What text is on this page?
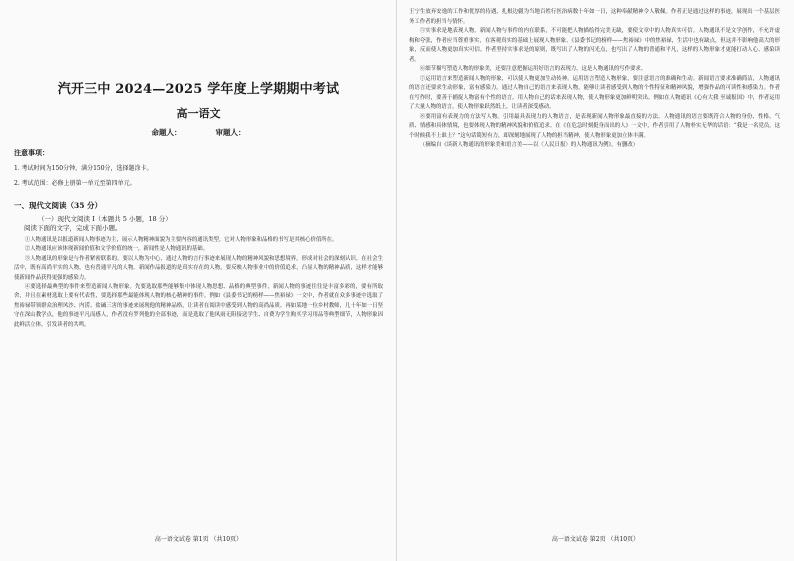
汽开三中 2024—2025 学年度上学期期中考试
高一语文
命题人：	审题人：
注意事项：
1. 考试时间为150分钟，满分150分，选择题涂卡。
2. 考试范围：必修上册第一单元至第四单元。
一、现代文阅读（35 分）
（一）现代文阅读 I（本题共 5 小题，18 分）
阅读下面的文字，完成下面小题。

①人物通讯是以报道新闻人物事迹为主，展示人物精神面貌为主要内容的通讯类型。它对人物形象和品格的书写是其核心价值所在。

②人物通讯应该体现新闻价值和文学价值的统一，新闻性是人物通讯的基础。

③人物通讯的形象是与作者紧密联系的，要以人物为中心，通过人物的言行事迹来展现人物的精神风貌和思想境界，形成对社会的深刻认识。在社会生活中，既有高尚平实的人物，也有普通平凡的人物。新闻作品报道的是真实存在的人物，要反映人物事业中的价值追求，凸显人物的精神品质，这样才能够使新闻作品获得更强的感染力。

④要选择最典型的事件来塑造新闻人物形象。先要选取那些能够集中体现人物思想、品格的典型事件，新闻人物的事迹往往是丰富多彩的，要有所取舍，并且在素材选取上要有代表性，要选择那些最能体现人物的核心精神的事件。例如《县委书记的榜样——焦裕禄》一文中，作者就在众多事迹中选取了焦裕禄带领群众治理风沙、内涝、盐碱三害的事迹来展现他的精神品格，让读者在阅读中感受到人物的高尚品质。再如某地一位乡村教师，几十年如一日坚守在深山教学点，他的事迹平凡而感人，作者没有罗列他的全部事迹，而是选取了他风雨无阻接送学生、自费为学生购买学习用品等典型细节，人物形象因此鲜活立体，引发读者的共鸣。

高一语文试卷 第1页 （共10页）

王宁生放弃安逸的工作和优厚的待遇，扎根边疆为当地百姓行医治病数十年如一日，这种奉献精神令人敬佩。作者正是通过这样的事迹，展现出一个基层医务工作者的担当与情怀。

⑤实事求是地表现人物。新闻人物与事件的内在联系，不可能把人物描绘得完美无缺，要使文章中的人物真实可信。人物通讯不是文学创作，不允许虚构和夸张，作者应当尊重事实，在客观真实的基础上展现人物形象。《县委书记的榜样——焦裕禄》中的焦裕禄，生活中也有缺点，但这并不影响他高大的形象，反而使人物更加真实可信。作者坚持实事求是的原则，既写出了人物的闪光点，也写出了人物的普通和平凡，这样的人物形象才更能打动人心、感染读者。

⑥细节描写塑造人物的形象美，还要注意把握运用好语言的表现力，这是人物通讯的写作要求。

⑦运用语言来塑造新闻人物的形象，可以使人物更加生动传神。运用语言塑造人物形象，要注意语言的准确和生动。新闻语言要求准确简洁，人物通讯的语言还要求生动形象，富有感染力。通过人物自己的语言来表现人物，能够让读者感受到人物的个性特征和精神风貌，增强作品的可读性和感染力。作者在写作时，要善于捕捉人物富有个性的语言，用人物自己的话来表现人物，使人物形象更加鲜明突出。例如在人物通讯《心有大我 至诚报国》中，作者运用了大量人物的语言，使人物形象跃然纸上，让读者深受感动。

⑧要用富有表现力的方法写人物。引用最具表现力的人物语言，是表现新闻人物形象最直接的方法。人物通讯的语言要既符合人物的身份、性格、气质、情感和具体情境，也要体现人物的精神风貌和价值追求。在《在危急时刻挺身而出的人》一文中，作者引用了人物朴实无华的话语：“我是一名党员，这个时候我不上谁上？”这句话简短有力，却深刻地展现了人物的担当精神，使人物形象更加立体丰满。

（摘编自《谈新人物通讯的形象美和语言美——以〈人民日报〉的人物通讯为例》，有删改）

高一语文试卷 第2页 （共10页）
